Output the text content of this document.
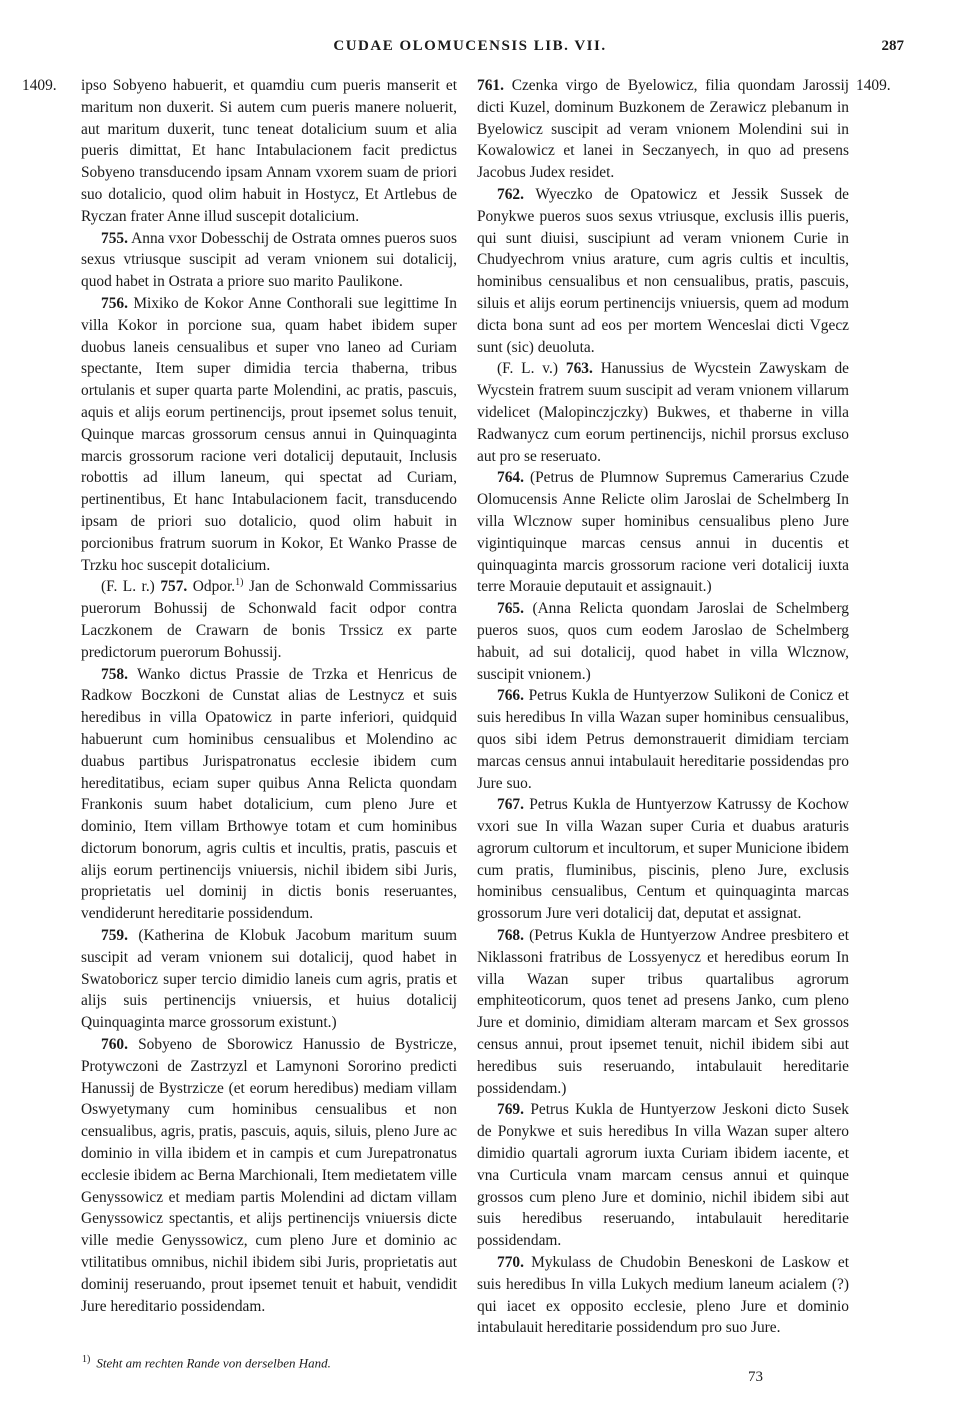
CUDAE OLOMUCENSIS LIB. VII.	287
1409.	1409.

ipso Sobyeno habuerit, et quamdiu cum pueris manserit et maritum non duxerit. Si autem cum pueris manere noluerit, aut maritum duxerit, tunc teneat dotalicium suum et alia pueris dimittat, Et hanc Intabulacionem facit predictus Sobyeno transducendo ipsam Annam vxorem suam de priori suo dotalicio, quod olim habuit in Hostycz, Et Artlebus de Ryczan frater Anne illud suscepit dotalicium.

755. Anna vxor Dobesschij de Ostrata omnes pueros suos sexus vtriusque suscipit ad veram vnionem sui dotalicij, quod habet in Ostrata a priore suo marito Paulikone.

756. Mixiko de Kokor Anne Conthorali sue legittime In villa Kokor in porcione sua, quam habet ibidem super duobus laneis censualibus et super vno laneo ad Curiam spectante, Item super dimidia tercia thaberna, tribus ortulanis et super quarta parte Molendini, ac pratis, pascuis, aquis et alijs eorum pertinencijs, prout ipsemet solus tenuit, Quinque marcas grossorum census annui in Quinquaginta marcis grossorum racione veri dotalicij deputauit, Inclusis robottis ad illum laneum, qui spectat ad Curiam, pertinentibus, Et hanc Intabulacionem facit, transducendo ipsam de priori suo dotalicio, quod olim habuit in porcionibus fratrum suorum in Kokor, Et Wanko Prasse de Trzku hoc suscepit dotalicium.

(F. L. r.) 757. Odpor.$^{1)}$ Jan de Schonwald Commissarius puerorum Bohussij de Schonwald facit odpor contra Laczkonem de Crawarn de bonis Trssicz ex parte predictorum puerorum Bohussij.

758. Wanko dictus Prassie de Trzka et Henricus de Radkow Boczkoni de Cunstat alias de Lestnycz et suis heredibus in villa Opatowicz in parte inferiori, quidquid habuerunt cum hominibus censualibus et Molendino ac duabus partibus Jurispatronatus ecclesie ibidem cum hereditatibus, eciam super quibus Anna Relicta quondam Frankonis suum habet dotalicium, cum pleno Jure et dominio, Item villam Brthowye totam et cum hominibus dictorum bonorum, agris cultis et incultis, pratis, pascuis et alijs eorum pertinencijs vniuersis, nichil ibidem sibi Juris, proprietatis uel dominij in dictis bonis reseruantes, vendiderunt hereditarie possidendum.

759. (Katherina de Klobuk Jacobum maritum suum suscipit ad veram vnionem sui dotalicij, quod habet in Swatoboricz super tercio dimidio laneis cum agris, pratis et alijs suis pertinencijs vniuersis, et huius dotalicij Quinquaginta marce grossorum existunt.)

760. Sobyeno de Sborowicz Hanussio de Bystricze, Protywczoni de Zastrzyzl et Lamynoni Sororino predicti Hanussij de Bystrzicze (et eorum heredibus) mediam villam Oswyetymany cum hominibus censualibus et non censualibus, agris, pratis, pascuis, aquis, siluis, pleno Jure ac dominio in villa ibidem et in campis et cum Jurepatronatus ecclesie ibidem ac Berna Marchionali, Item medietatem ville Genyssowicz et mediam partis Molendini ad dictam villam Genyssowicz spectantis, et alijs pertinencijs vniuersis dicte ville medie Genyssowicz, cum pleno Jure et dominio ac vtilitatibus omnibus, nichil ibidem sibi Juris, proprietatis aut dominij reseruando, prout ipsemet tenuit et habuit, vendidit Jure hereditario possidendam.

761. Czenka virgo de Byelowicz, filia quondam Jarossij dicti Kuzel, dominum Buzkonem de Zerawicz plebanum in Byelowicz suscipit ad veram vnionem Molendini sui in Kowalowicz et lanei in Seczanyech, in quo ad presens Jacobus Judex residet.

762. Wyeczko de Opatowicz et Jessik Sussek de Ponykwe pueros suos sexus vtriusque, exclusis illis pueris, qui sunt diuisi, suscipiunt ad veram vnionem Curie in Chudyechrom vnius arature, cum agris cultis et incultis, hominibus censualibus et non censualibus, pratis, pascuis, siluis et alijs eorum pertinencijs vniuersis, quem ad modum dicta bona sunt ad eos per mortem Wenceslai dicti Vgecz sunt (sic) deuoluta.

(F. L. v.) 763. Hanussius de Wycstein Zawyskam de Wycstein fratrem suum suscipit ad veram vnionem villarum videlicet (Malopinczjczky) Bukwes, et thaberne in villa Radwanycz cum eorum pertinencijs, nichil prorsus excluso aut pro se reseruato.

764. (Petrus de Plumnow Supremus Camerarius Czude Olomucensis Anne Relicte olim Jaroslai de Schelmberg In villa Wlcznow super hominibus censualibus pleno Jure vigintiquinque marcas census annui in ducentis et quinquaginta marcis grossorum racione veri dotalicij iuxta terre Morauie deputauit et assignauit.)

765. (Anna Relicta quondam Jaroslai de Schelmberg pueros suos, quos cum eodem Jaroslao de Schelmberg habuit, ad sui dotalicij, quod habet in villa Wlcznow, suscipit vnionem.)

766. Petrus Kukla de Huntyerzow Sulikoni de Conicz et suis heredibus In villa Wazan super hominibus censualibus, quos sibi idem Petrus demonstrauerit dimidiam terciam marcas census annui intabulauit hereditarie possidendas pro Jure suo.

767. Petrus Kukla de Huntyerzow Katrussy de Kochow vxori sue In villa Wazan super Curia et duabus araturis agrorum cultorum et incultorum, et super Municione ibidem cum pratis, fluminibus, piscinis, pleno Jure, exclusis hominibus censualibus, Centum et quinquaginta marcas grossorum Jure veri dotalicij dat, deputat et assignat.

768. (Petrus Kukla de Huntyerzow Andree presbitero et Niklassoni fratribus de Lossyenycz et heredibus eorum In villa Wazan super tribus quartalibus agrorum emphiteoticorum, quos tenet ad presens Janko, cum pleno Jure et dominio, dimidiam alteram marcam et Sex grossos census annui, prout ipsemet tenuit, nichil ibidem sibi aut heredibus suis reseruando, intabulauit hereditarie possidendam.)

769. Petrus Kukla de Huntyerzow Jeskoni dicto Susek de Ponykwe et suis heredibus In villa Wazan super altero dimidio quartali agrorum iuxta Curiam ibidem iacente, et vna Curticula vnam marcam census annui et quinque grossos cum pleno Jure et dominio, nichil ibidem sibi aut suis heredibus reseruando, intabulauit hereditarie possidendam.

770. Mykulass de Chudobin Beneskoni de Laskow et suis heredibus In villa Lukych medium laneum acialem (?) qui iacet ex opposito ecclesie, pleno Jure et dominio intabulauit hereditarie possidendum pro suo Jure.

$^{1)}$ Steht am rechten Rande von derselben Hand.
73
